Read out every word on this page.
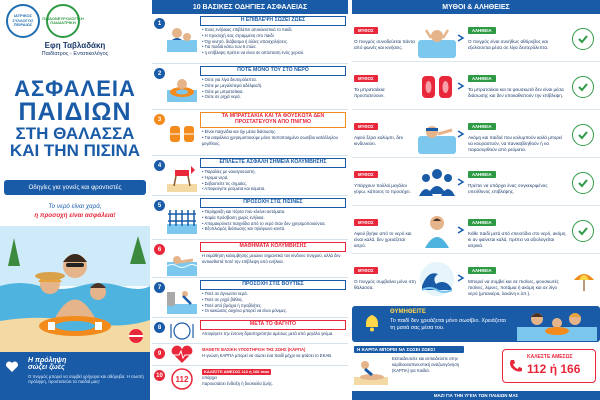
ΙΑΤΡΙΚΟΣ ΣΥΛΛΟΓΟΣ ΠΕΙΡΑΙΩΣ
ΠΑΙΔΟΝΕΥΡΟΛΟΓΙΚΗ ΠΑΙΔΙΑΤΡΙΚΗ
Εφη Ταβλαδάκη
Παιδίατρος - Εντατικολόγος
ΑΣΦΑΛΕΙΑ
ΠΑΙΔΙΩΝ
ΣΤΗ ΘΑΛΑΣΣΑ
ΚΑΙ ΤΗΝ ΠΙΣΙΝΑ
Οδηγίες για γονείς και φροντιστές
Το νερό είναι χαρά,
η προσοχή είναι ασφάλεια!
Η πρόληψη
σώζει ζωές
Ο πνιγμός μπορεί να συμβεί γρήγορα και αθόρυβα. Η σωστή πρόληψη, προστατεύει τα παιδιά μας!
10 ΒΑΣΙΚΕΣ ΟΔΗΓΙΕΣ ΑΣΦΑΛΕΙΑΣ
1
Η ΕΠΙΒΛΕΨΗ ΣΩΖΕΙ ΖΩΕΣ
• Ένας ενήλικας επιβλέπει αποκλειστικά το παιδί.
• Η προσοχή σας στραμμένη στο παιδί.
• Όχι κινητό, διάβασμα ή άλλες απασχολήσεις.
• Για παιδιά κάτω των 5 ετών:
• η επίβλεψη πρέπει να είναι σε απόσταση ενός χεριού.
2
ΠΟΤΕ ΜΟΝΟ ΤΟΥ ΣΤΟ ΝΕΡΟ
• Ούτε για λίγα δευτερόλεπτα.
• Ούτε με μεγαλύτερα αδέλφια/ή.
• Ούτε με μπρατσάκια.
• Ούτε σε ρηχά νερά.
3
ΤΑ ΜΠΡΑΤΣΑΚΙΑ ΚΑΙ ΤΑ ΦΟΥΣΚΩΤΑ ΔΕΝ ΠΡΟΣΤΑΤΕΥΟΥΝ ΑΠΟ ΠΝΙΓΜΟ
• Είναι παιχνίδια και όχι μέσα διάσωσης.
• Για ασφάλεια χρησιμοποιούμε μόνο πιστοποιημένο σωσίβιο κατάλληλου μεγέθους.
4
ΕΠΙΛΕΞΤΕ ΑΣΦΑΛΗ ΣΗΜΕΙΑ ΚΟΛΥΜΒΗΣΗΣ
• Παραλίες με ναυαγοσώστη.
• Ήρεμα νερά.
• Σεβαστείτε τις σημαίες.
• Αποφεύγετε ρεύματα και κύματα.
5
ΠΡΟΣΟΧΗ ΣΤΙΣ ΠΙΣΙΝΕΣ
• Περίφραξη και πόρτα που κλείνει αυτόματα.
• Καμία πρόσβαση χωρίς ενήλικα.
• Απομακρύνετε παιχνίδια από το νερό όταν δεν χρησιμοποιούνται.
• Εξοπλισμός διάσωσης και τηλέφωνο κοντά.
6
ΜΑΘΗΜΑΤΑ ΚΟΛΥΜΒΗΣΗΣ
Η εκμάθηση κολύμβησης μειώνει σημαντικά τον κίνδυνο πνιγμού, αλλά δεν αντικαθιστά ποτέ την επίβλεψη από ενήλικα.
7
ΠΡΟΣΟΧΗ ΣΤΙΣ ΒΟΥΤΙΕΣ
• Ποτέ σε άγνωστα νερά.
• Ποτέ σε ρηχό βάθος.
• Ποτέ από βράχια ή προβλήτες.
• Οι κακώσεις αυχένα μπορεί να είναι μόνιμες.
8
ΜΕΤΑ ΤΟ ΦΑΓΗΤΟ
Αποφύγετε την έντονη δραστηριότητα αμέσως μετά από μεγάλο γεύμα.
9
ΜΑΘΕΤΕ ΒΑΣΙΚΗ ΥΠΟΣΤΗΡΙΞΗ ΤΗΣ ΖΩΗΣ (ΚΑΡΠΑ)
Η γνώση ΚΑΡΠΑ μπορεί να σώσει ένα παιδί μέχρι να φτάσει το ΕΚΑΒ.
10 112
ΚΑΛΕΣΤΕ ΑΜΕΣΩΣ 112 ή 166 όταν
υπάρχει
παρουσιάσει ένδειξη ή δυσκολία ζωής.
ΜΥΘΟΙ & ΑΛΗΘΕΙΕΣ
ΜΥΘΟΣ
Ο πνιγμός συνοδεύεται πάντα από φωνές και κινήσεις.
ΑΛΗΘΕΙΑ
Ο πνιγμός είναι συνήθως αθόρυβος και εξελίσσεται μέσα σε λίγα δευτερόλεπτα.
ΜΥΘΟΣ
Τα μπρατσάκια προστατεύουν.
ΑΛΗΘΕΙΑ
Τα μπρατσάκια και τα φουσκωτά δεν είναι μέσα διάσωσης και δεν υποκαθιστούν την επίβλεψη.
ΜΥΘΟΣ
Αφού ξέρει κολύμπι, δεν κινδυνεύει.
ΑΛΗΘΕΙΑ
Ακόμη και παιδιά που κολυμπούν καλά μπορεί να κουραστούν, να πανικοβληθούν ή να παρασυρθούν από ρεύματα.
ΜΥΘΟΣ
Υπάρχουν πολλοί μεγάλοι γύρω, κάποιος το προσέχει.
ΑΛΗΘΕΙΑ
Πρέπει να υπάρχει ένας συγκεκριμένος υπεύθυνος επιβλέψης.
ΜΥΘΟΣ
Αφού βγήκε από το νερό και είναι καλά, δεν χρειάζεται ιατρό.
ΑΛΗΘΕΙΑ
Κάθε παιδί μετά από επεισόδιο στο νερό, ακόμη κι αν φαίνεται καλά, πρέπει να αξιολογείται ιατρικά.
ΜΥΘΟΣ
Ο πνιγμός συμβαίνει μόνο στη θάλασσα.
ΑΛΗΘΕΙΑ
Μπορεί να συμβεί και σε πισίνες, φουσκωτές πισίνες, λίμνες, ποτάμια ή ακόμη και σε λίγο νερό (μπανιέρα, λεκάνη κ.λπ.).
ΘΥΜΗΘΕΙΤΕ
Το παιδί δεν χρειάζεται μόνο σωσίβιο. Χρειάζεται τη ματιά σας μέσα του.
Η ΚΑΡΠΑ ΜΠΟΡΕΙ ΝΑ ΣΩΣΕΙ ΖΩΕΣ!
Εκπαιδευτείτε και εκπαιδεύστε στην καρδιοαναπνευστική αναζωογόνηση (ΚΑΡΠΑ) για παιδιά.
ΚΑΛΕΣΤΕ ΑΜΕΣΩΣ
112 ή 166
ΜΑΖΙ ΓΙΑ ΤΗΝ ΥΓΕΙΑ ΤΩΝ ΠΑΙΔΙΩΝ ΜΑΣ
